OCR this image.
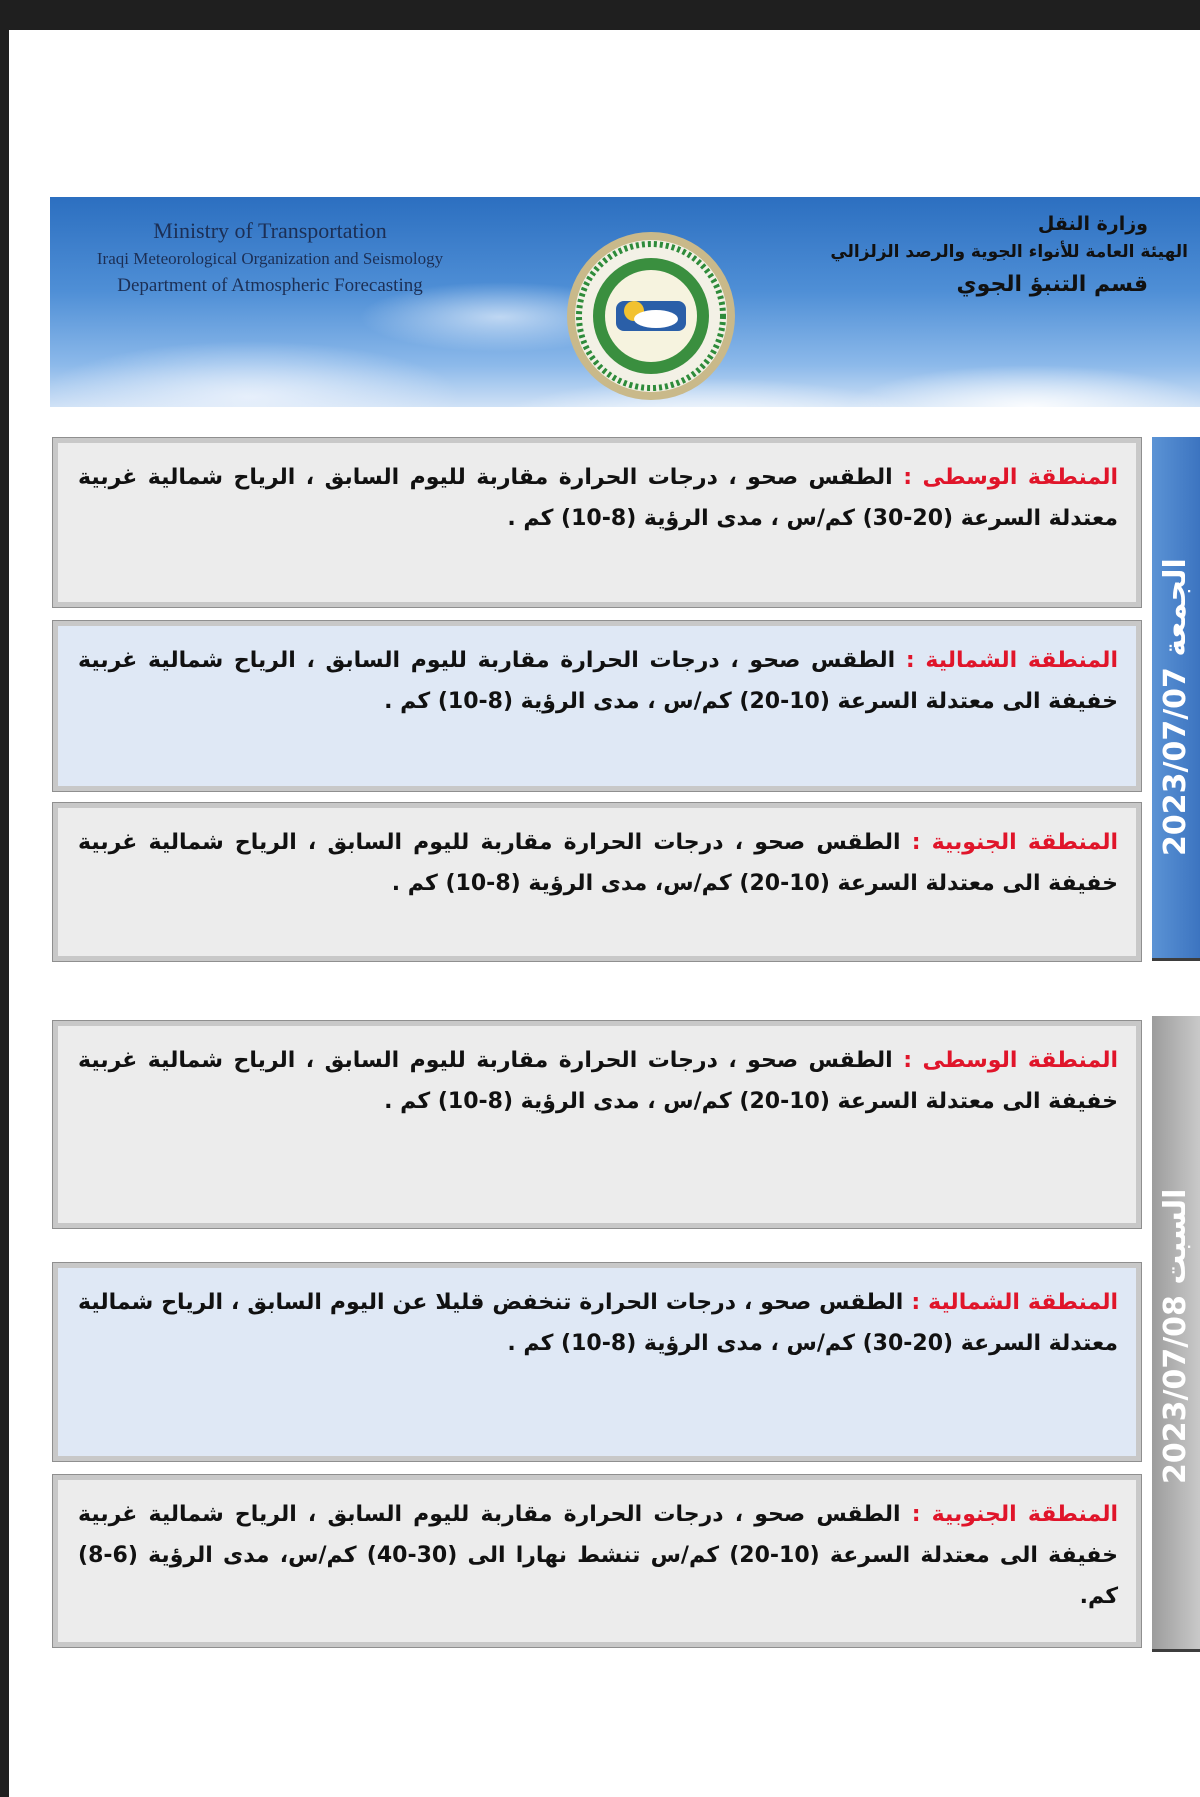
Ministry of Transportation
Iraqi Meteorological Organization and Seismology
Department of Atmospheric Forecasting
وزارة النقل
الهيئة العامة للأنواء الجوية والرصد الزلزالي
قسم التنبؤ الجوي
المنطقة الوسطى : الطقس صحو ، درجات الحرارة مقاربة لليوم السابق ، الرياح شمالية غربية معتدلة السرعة (20-30) كم/س ، مدى الرؤية (8-10) كم .
المنطقة الشمالية : الطقس صحو ، درجات الحرارة مقاربة لليوم السابق ، الرياح شمالية غربية خفيفة الى معتدلة السرعة (10-20) كم/س ، مدى الرؤية (8-10) كم .
المنطقة الجنوبية : الطقس صحو ، درجات الحرارة مقاربة لليوم السابق ، الرياح شمالية غربية خفيفة الى معتدلة السرعة (10-20) كم/س، مدى الرؤية (8-10) كم .
الجمعة 2023/07/07
المنطقة الوسطى : الطقس صحو ، درجات الحرارة مقاربة لليوم السابق ، الرياح شمالية غربية خفيفة الى معتدلة السرعة (10-20) كم/س ، مدى الرؤية (8-10) كم .
المنطقة الشمالية : الطقس صحو ، درجات الحرارة تنخفض قليلا عن اليوم السابق ، الرياح شمالية معتدلة السرعة (20-30) كم/س ، مدى الرؤية (8-10) كم .
المنطقة الجنوبية : الطقس صحو ، درجات الحرارة مقاربة لليوم السابق ، الرياح شمالية غربية خفيفة الى معتدلة السرعة (10-20) كم/س تنشط نهارا الى (30-40) كم/س، مدى الرؤية (6-8) كم.
السبت 2023/07/08
